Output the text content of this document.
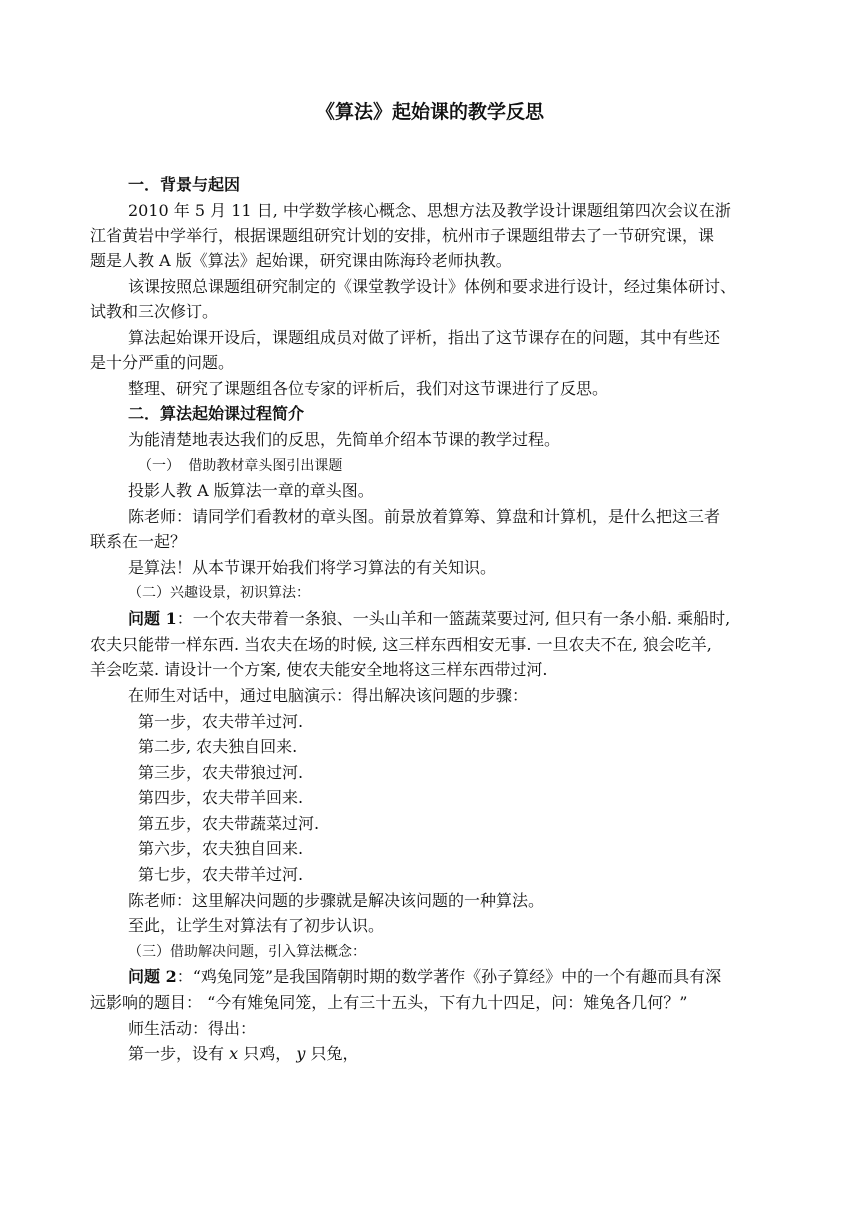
《算法》起始课的教学反思
一．背景与起因
2010 年 5 月 11 日, 中学数学核心概念、思想方法及教学设计课题组第四次会议在浙
江省黄岩中学举行，根据课题组研究计划的安排，杭州市子课题组带去了一节研究课，课
题是人教 A 版《算法》起始课，研究课由陈海玲老师执教。
该课按照总课题组研究制定的《课堂教学设计》体例和要求进行设计，经过集体研讨、
试教和三次修订。
算法起始课开设后，课题组成员对做了评析，指出了这节课存在的问题，其中有些还
是十分严重的问题。
整理、研究了课题组各位专家的评析后，我们对这节课进行了反思。
二．算法起始课过程简介
为能清楚地表达我们的反思，先简单介绍本节课的教学过程。
（一） 借助教材章头图引出课题
投影人教 A 版算法一章的章头图。
陈老师：请同学们看教材的章头图。前景放着算筹、算盘和计算机，是什么把这三者
联系在一起？
是算法！从本节课开始我们将学习算法的有关知识。
（二）兴趣设景，初识算法：
问题 1：一个农夫带着一条狼、一头山羊和一篮蔬菜要过河, 但只有一条小船. 乘船时,
农夫只能带一样东西. 当农夫在场的时候, 这三样东西相安无事. 一旦农夫不在, 狼会吃羊,
羊会吃菜. 请设计一个方案, 使农夫能安全地将这三样东西带过河.
在师生对话中，通过电脑演示：得出解决该问题的步骤：
第一步，农夫带羊过河.
第二步, 农夫独自回来.
第三步，农夫带狼过河.
第四步，农夫带羊回来.
第五步，农夫带蔬菜过河.
第六步，农夫独自回来.
第七步，农夫带羊过河.
陈老师：这里解决问题的步骤就是解决该问题的一种算法。
至此，让学生对算法有了初步认识。
（三）借助解决问题，引入算法概念：
问题 2：“鸡兔同笼”是我国隋朝时期的数学著作《孙子算经》中的一个有趣而具有深
远影响的题目： “今有雉兔同笼，上有三十五头，下有九十四足，问：雉兔各几何？”
师生活动：得出：
第一步，设有 x 只鸡， y 只兔，
